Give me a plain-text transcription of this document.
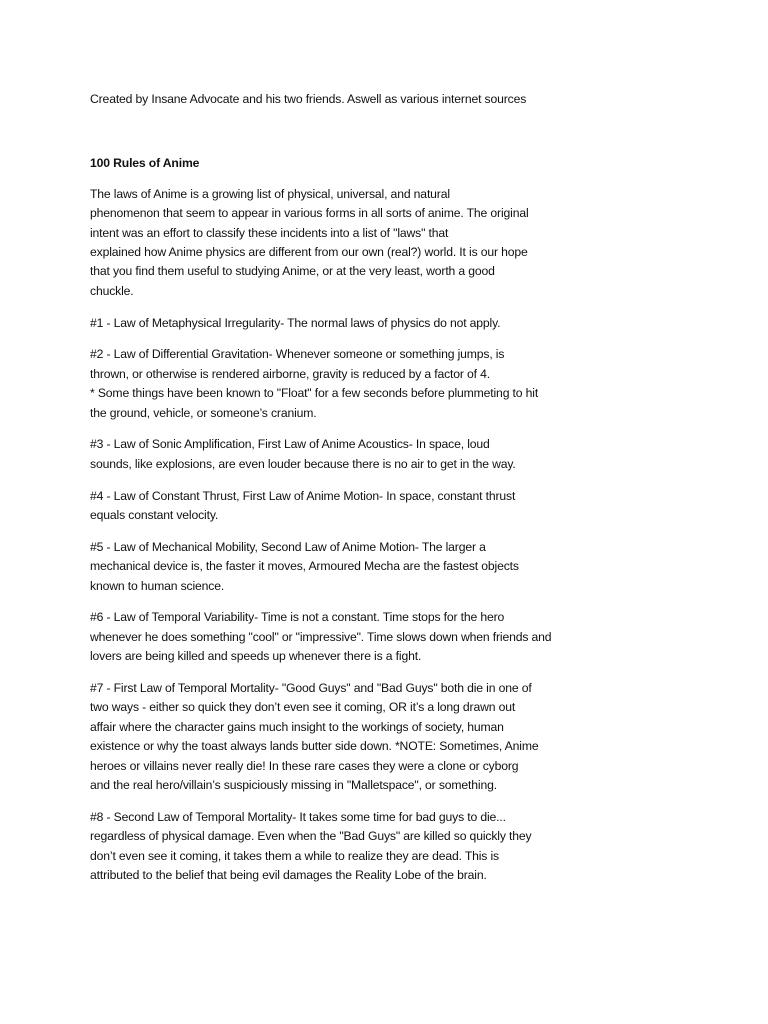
Created by Insane Advocate and his two friends. Aswell as various internet sources
100 Rules of Anime
The laws of Anime is a growing list of physical, universal, and natural
phenomenon that seem to appear in various forms in all sorts of anime. The original
intent was an effort to classify these incidents into a list of "laws" that
explained how Anime physics are different from our own (real?) world. It is our hope
that you find them useful to studying Anime, or at the very least, worth a good
chuckle.
#1 - Law of Metaphysical Irregularity- The normal laws of physics do not apply.
#2 - Law of Differential Gravitation- Whenever someone or something jumps, is
thrown, or otherwise is rendered airborne, gravity is reduced by a factor of 4.
* Some things have been known to "Float" for a few seconds before plummeting to hit
the ground, vehicle, or someone’s cranium.
#3 - Law of Sonic Amplification, First Law of Anime Acoustics- In space, loud
sounds, like explosions, are even louder because there is no air to get in the way.
#4 - Law of Constant Thrust, First Law of Anime Motion- In space, constant thrust
equals constant velocity.
#5 - Law of Mechanical Mobility, Second Law of Anime Motion- The larger a
mechanical device is, the faster it moves, Armoured Mecha are the fastest objects
known to human science.
#6 - Law of Temporal Variability- Time is not a constant. Time stops for the hero
whenever he does something "cool" or "impressive". Time slows down when friends and
lovers are being killed and speeds up whenever there is a fight.
#7 - First Law of Temporal Mortality- "Good Guys" and "Bad Guys" both die in one of
two ways - either so quick they don’t even see it coming, OR it’s a long drawn out
affair where the character gains much insight to the workings of society, human
existence or why the toast always lands butter side down. *NOTE: Sometimes, Anime
heroes or villains never really die! In these rare cases they were a clone or cyborg
and the real hero/villain’s suspiciously missing in "Malletspace", or something.
#8 - Second Law of Temporal Mortality- It takes some time for bad guys to die...
regardless of physical damage. Even when the "Bad Guys" are killed so quickly they
don’t even see it coming, it takes them a while to realize they are dead. This is
attributed to the belief that being evil damages the Reality Lobe of the brain.
